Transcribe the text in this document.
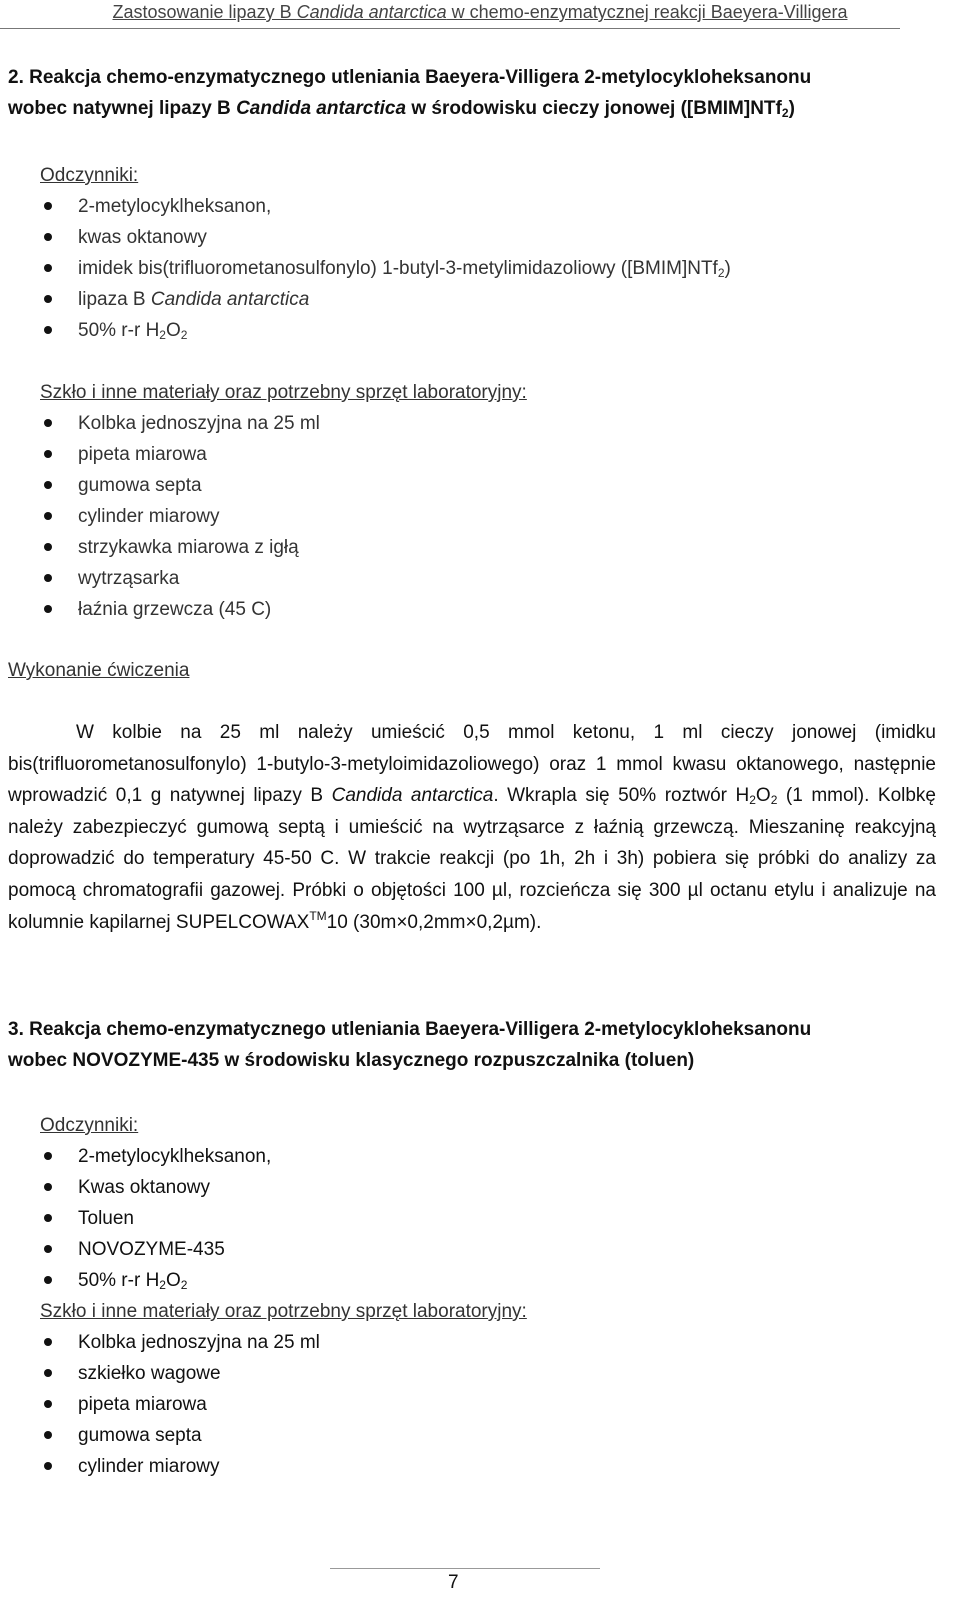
Zastosowanie lipazy B Candida antarctica w chemo-enzymatycznej reakcji Baeyera-Villigera
2. Reakcja chemo-enzymatycznego utleniania Baeyera-Villigera 2-metylocykloheksanonu
wobec natywnej lipazy B Candida antarctica w środowisku cieczy jonowej ([BMIM]NTf$_2$)

Odczynniki:

2-metylocyklheksanon,
kwas oktanowy
imidek bis(trifluorometanosulfonylo) 1-butyl-3-metylimidazoliowy ([BMIM]NTf$_2$)
lipaza B Candida antarctica
50% r-r $H_2O_2$

Szkło i inne materiały oraz potrzebny sprzęt laboratoryjny:

Kolbka jednoszyjna na 25 ml
pipeta miarowa
gumowa septa
cylinder miarowy
strzykawka miarowa z igłą
wytrząsarka
łaźnia grzewcza (45 C)

Wykonanie ćwiczenia

W kolbie na 25 ml należy umieścić 0,5 mmol ketonu, 1 ml cieczy jonowej (imidku bis(trifluorometanosulfonylo) 1-butylo-3-metyloimidazoliowego) oraz 1 mmol kwasu oktanowego, następnie wprowadzić 0,1 g natywnej lipazy B Candida antarctica. Wkrapla się 50% roztwór $H_2O_2$ (1 mmol). Kolbkę należy zabezpieczyć gumową septą i umieścić na wytrząsarce z łaźnią grzewczą. Mieszaninę reakcyjną doprowadzić do temperatury 45-50 C. W trakcie reakcji (po 1h, 2h i 3h) pobiera się próbki do analizy za pomocą chromatografii gazowej. Próbki o objętości 100 µl, rozcieńcza się 300 µl octanu etylu i analizuje na kolumnie kapilarnej SUPELCOWAX™10 (30m×0,2mm×0,2µm).

3. Reakcja chemo-enzymatycznego utleniania Baeyera-Villigera 2-metylocykloheksanonu
wobec NOVOZYME-435 w środowisku klasycznego rozpuszczalnika (toluen)

Odczynniki:

2-metylocyklheksanon,
Kwas oktanowy
Toluen
NOVOZYME-435
50% r-r $H_2O_2$

Szkło i inne materiały oraz potrzebny sprzęt laboratoryjny:

Kolbka jednoszyjna na 25 ml
szkiełko wagowe
pipeta miarowa
gumowa septa
cylinder miarowy
7
